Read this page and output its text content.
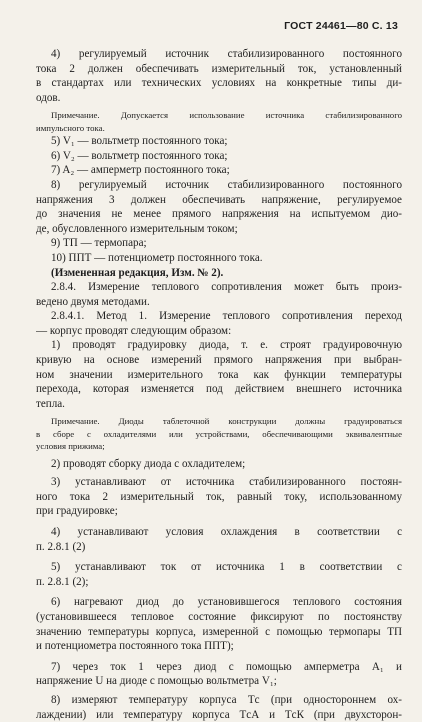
ГОСТ 24461—80 С. 13
4) регулируемый источник стабилизированного постоянного
тока 2 должен обеспечивать измерительный ток, установленный
в стандартах или технических условиях на конкретные типы ди-
одов.
Примечание. Допускается использование источника стабилизированного
импульсного тока.
5) V₁ — вольтметр постоянного тока;
6) V₂ — вольтметр постоянного тока;
7) A₂ — амперметр постоянного тока;
8) регулируемый источник стабилизированного постоянного
напряжения 3 должен обеспечивать напряжение, регулируемое
до значения не менее прямого напряжения на испытуемом дио-
де, обусловленного измерительным током;
9) ТП — термопара;
10) ППТ — потенциометр постоянного тока.
(Измененная редакция, Изм. № 2).
2.8.4. Измерение теплового сопротивления может быть произ-
ведено двумя методами.
2.8.4.1. Метод 1. Измерение теплового сопротивления переход
— корпус проводят следующим образом:
1) проводят градуировку диода, т. е. строят градуировочную
кривую на основе измерений прямого напряжения при выбран-
ном значении измерительного тока как функции температуры
перехода, которая изменяется под действием внешнего источника
тепла.
Примечание. Диоды таблеточной конструкции должны градуироваться
в сборе с охладителями или устройствами, обеспечивающими эквивалентные
условия прижима;
2) проводят сборку диода с охладителем;
3) устанавливают от источника стабилизированного постоян-
ного тока 2 измерительный ток, равный току, использованному
при градуировке;
4) устанавливают условия охлаждения в соответствии с
п. 2.8.1 (2)
5) устанавливают ток от источника 1 в соответствии с
п. 2.8.1 (2);
6) нагревают диод до установившегося теплового состояния
(установившееся тепловое состояние фиксируют по постоянству
значению температуры корпуса, измеренной с помощью термопары ТП
и потенциометра постоянного тока ППТ);
7) через ток 1 через диод с помощью амперметра A₁ и
напряжение U на диоде с помощью вольтметра V₁;
8) измеряют температуру корпуса Tс (при одностороннем ох-
лаждении) или температуру корпуса TсА и TсК (при двухсторон-
